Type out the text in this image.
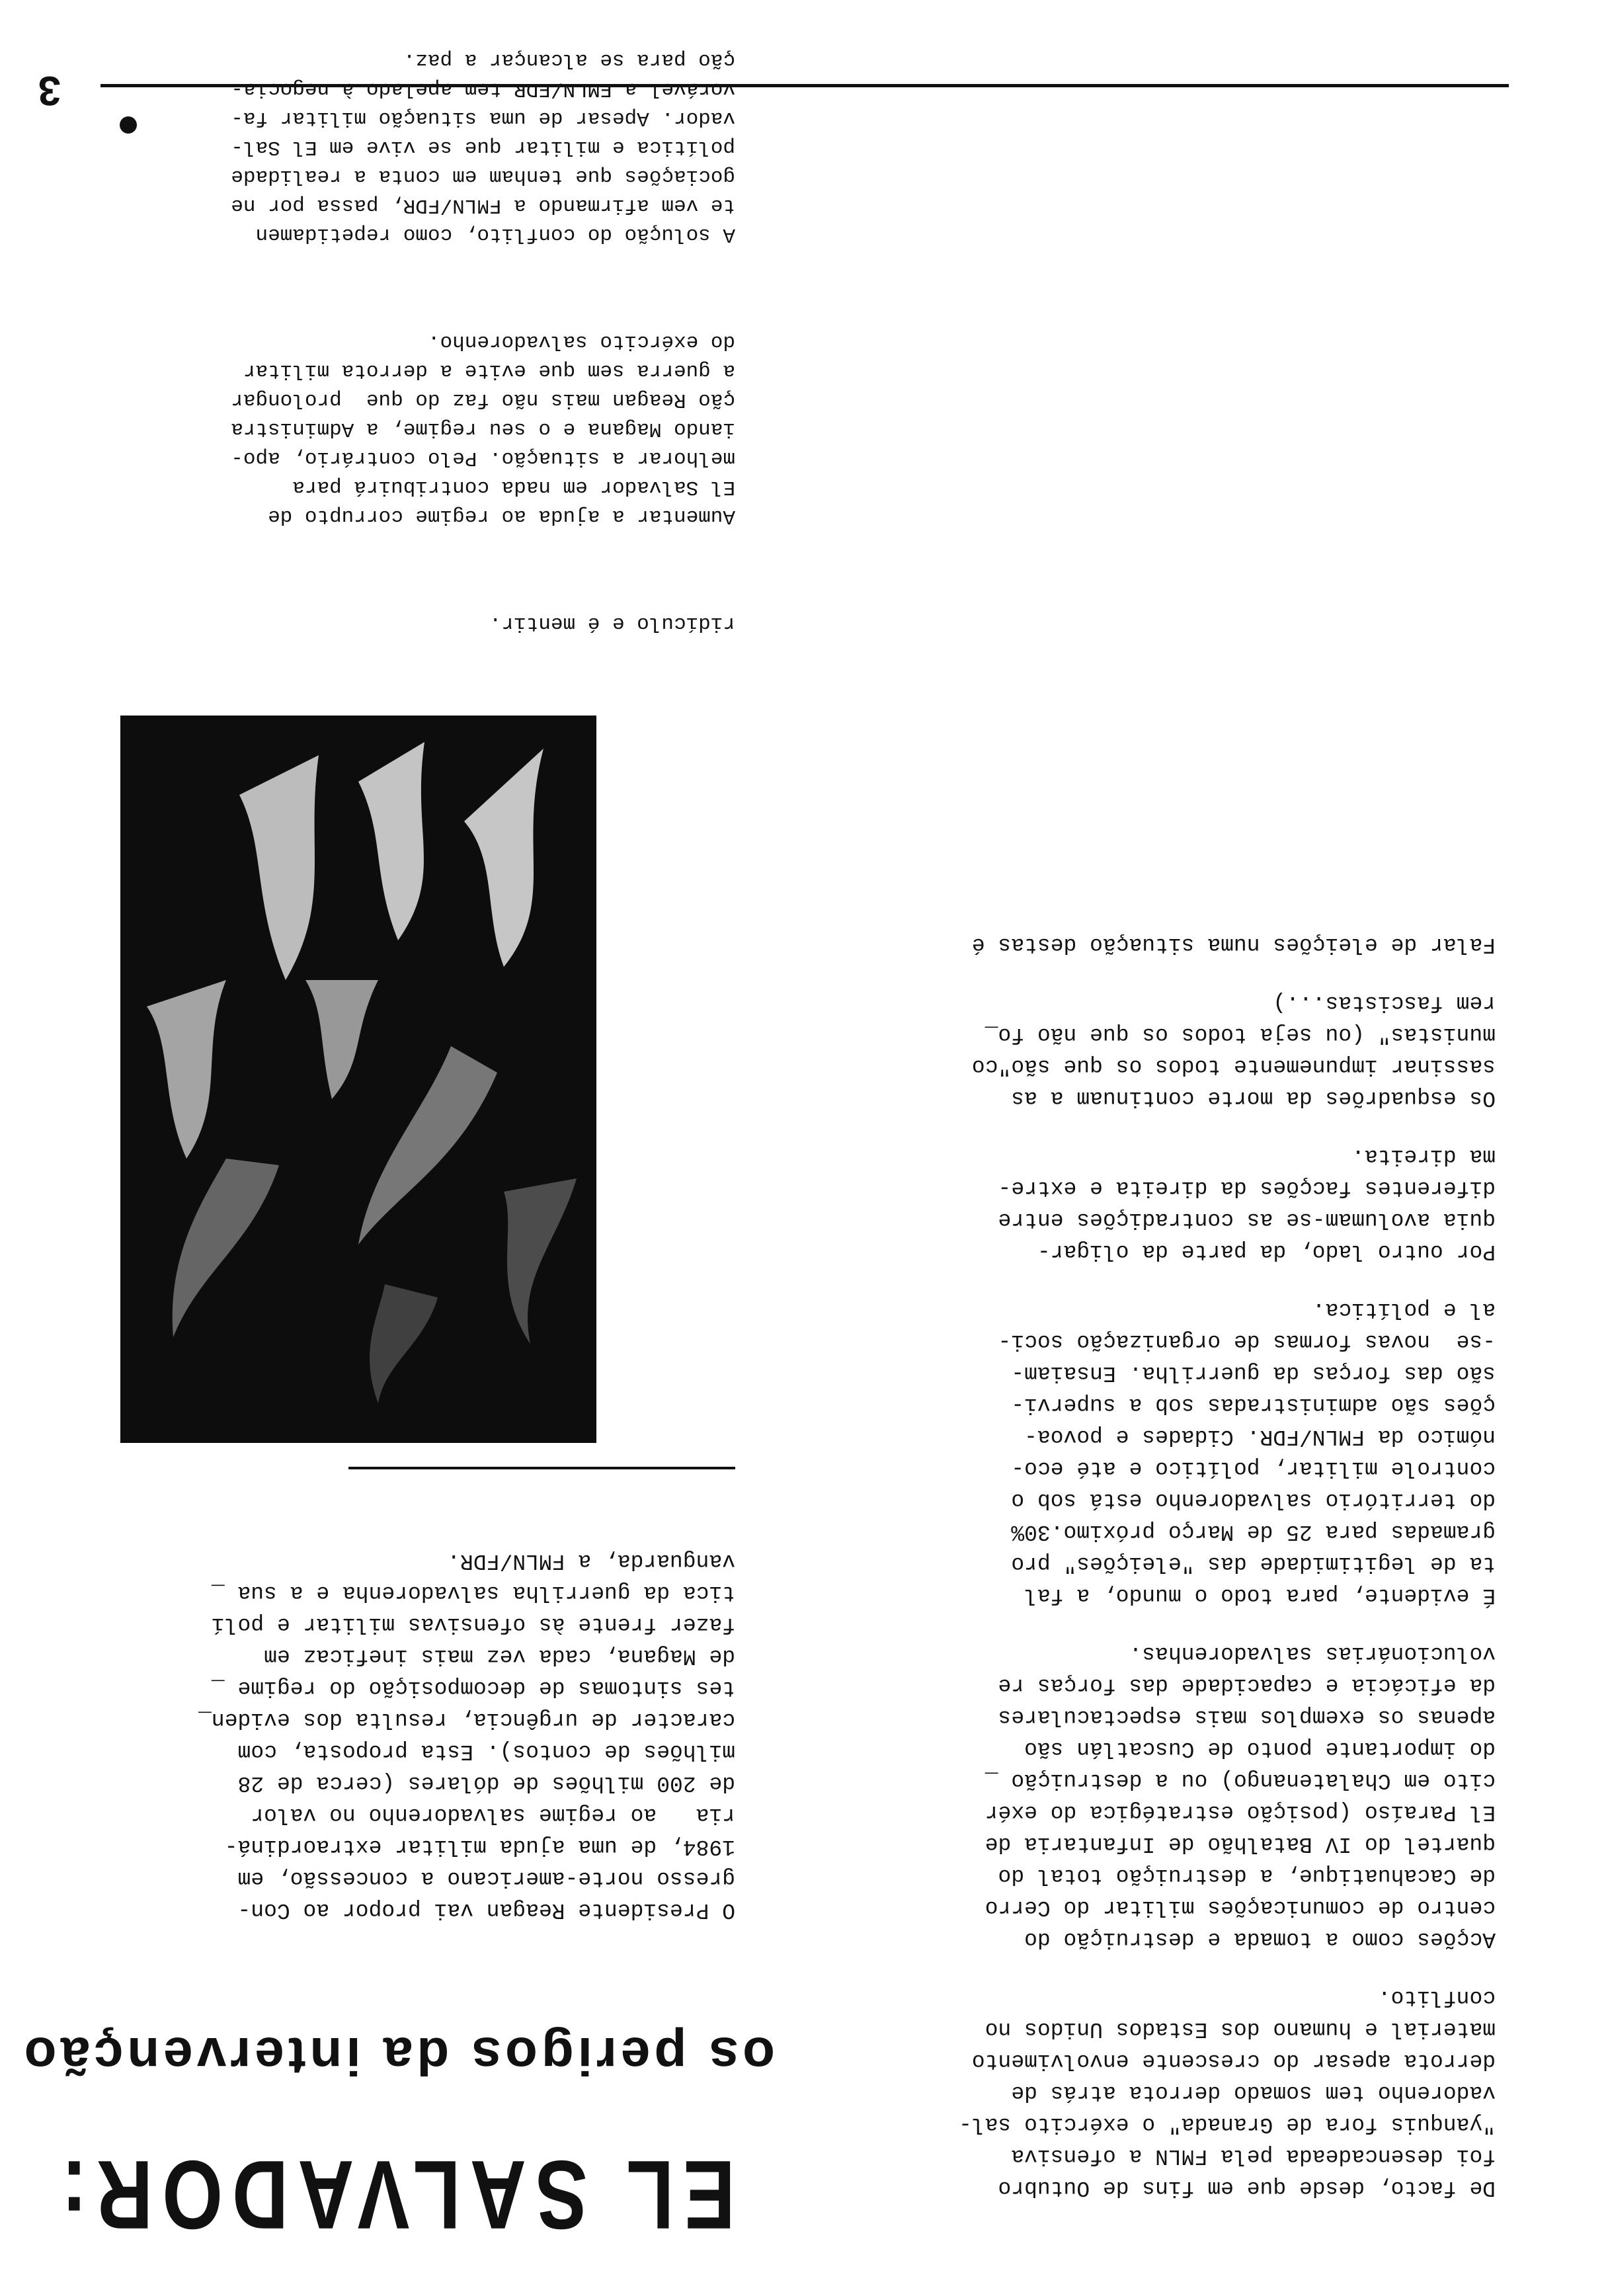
EL SALVADOR:
os perigos da intervenção
O Presidente Reagan vai propor ao Con-
gresso norte-americano a concessão, em
1984, de uma ajuda militar extraordiná-
ria   ao regime salvadorenho no valor
de 200 milhões de dólares (cerca de 28
milhões de contos). Esta proposta, com
caracter de urgência, resulta dos eviden_
tes sintomas de decomposição do regime _
de Magana, cada vez mais ineficaz em
fazer frente às ofensivas militar e polí
tica da guerrilha salvadorenha e a sua _
vanguarda, a FMLN/FDR.

ridículo e é mentir.

Aumentar a ajuda ao regime corrupto de
El Salvador em nada contribuirá para
melhorar a situação. Pelo contrário, apo-
iando Magana e o seu regime, a Administra
ção Reagan mais não faz do que  prolongar
a guerra sem que evite a derrota militar
do exército salvadorenho.

A solução do conflito, como repetidamen
te vem afirmando a FMLN/FDR, passa por ne
gociações que tenham em conta a realidade
política e militar que se vive em El Sal-
vador. Apesar de uma situação militar fa-
vorável a FMLN/FDR tem apelado à negocia-
ção para se alcançar a paz.

3

De facto, desde que em fins de Outubro
foi desencadeada pela FMLN a ofensiva
"yanquis fora de Granada" o exército sal-
vadorenho tem somado derrota atrás de
derrota apesar do crescente envolvimento
material e humano dos Estados Unidos no
conflito.

Acções como a tomada e destruição do
centro de comunicações militar do Cerro
de Cacahuatique, a destruição total do
quartel do IV Batalhão de Infantaria de
El Paraíso (posição estratégica do exér
cito em Chalatenango) ou a destruição _
do importante ponto de Cuscatlán são
apenas os exemplos mais espectaculares
da eficácia e capacidade das forças re
volucionárias salvadorenhas.

É evidente, para todo o mundo, a fal
ta de legitimidade das "eleições" pro
gramadas para 25 de Março próximo.30%
do território salvadorenho está sob o
controle militar, político e até eco-
nómico da FMLN/FDR. Cidades e povoa-
ções são administradas sob a supervi-
são das forças da guerrilha. Ensaiam-
-se  novas formas de organização soci-
al e política.

Por outro lado, da parte da oligar-
quia avolumam-se as contradições entre
diferentes facções da direita e extre-
ma direita.

Os esquadrões da morte continuam a as
sassinar impunemente todos os que são"co
munistas" (ou seja todos os que não fo_
rem fascistas...)

Falar de eleições numa situação destas é
